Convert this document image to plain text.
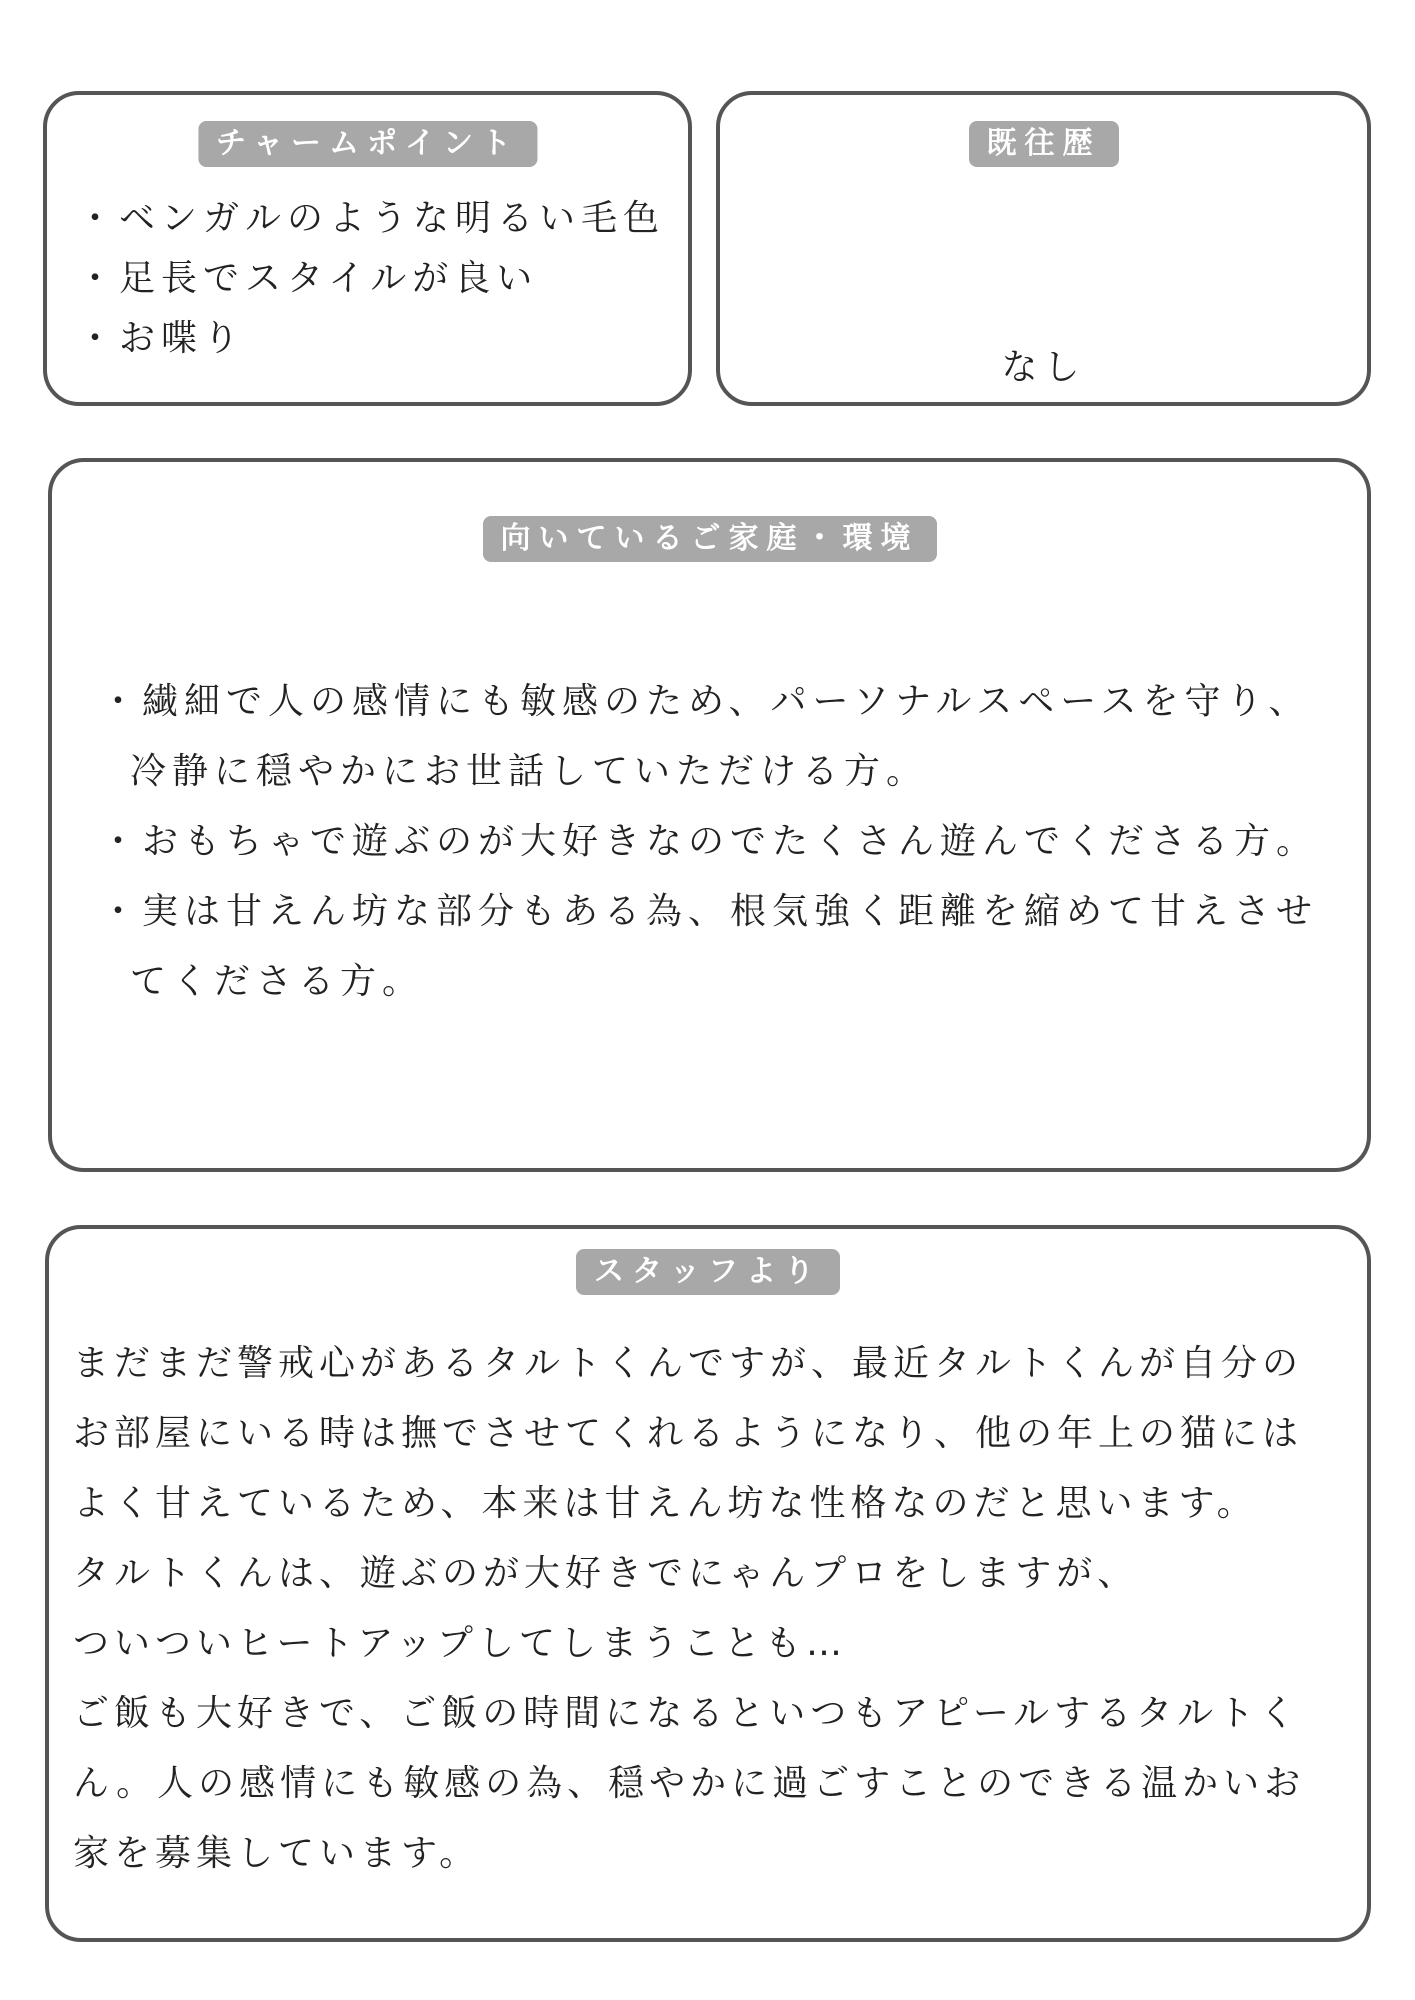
チャームポイント
・ベンガルのような明るい毛色
・足長でスタイルが良い
・お喋り
既往歴
なし
向いているご家庭・環境
・繊細で人の感情にも敏感のため、パーソナルスペースを守り、
冷静に穏やかにお世話していただける方。
・おもちゃで遊ぶのが大好きなのでたくさん遊んでくださる方。
・実は甘えん坊な部分もある為、根気強く距離を縮めて甘えさせ
てくださる方。
スタッフより
まだまだ警戒心があるタルトくんですが、最近タルトくんが自分の
お部屋にいる時は撫でさせてくれるようになり、他の年上の猫には
よく甘えているため、本来は甘えん坊な性格なのだと思います。
タルトくんは、遊ぶのが大好きでにゃんプロをしますが、
ついついヒートアップしてしまうことも…
ご飯も大好きで、ご飯の時間になるといつもアピールするタルトく
ん。人の感情にも敏感の為、穏やかに過ごすことのできる温かいお
家を募集しています。
